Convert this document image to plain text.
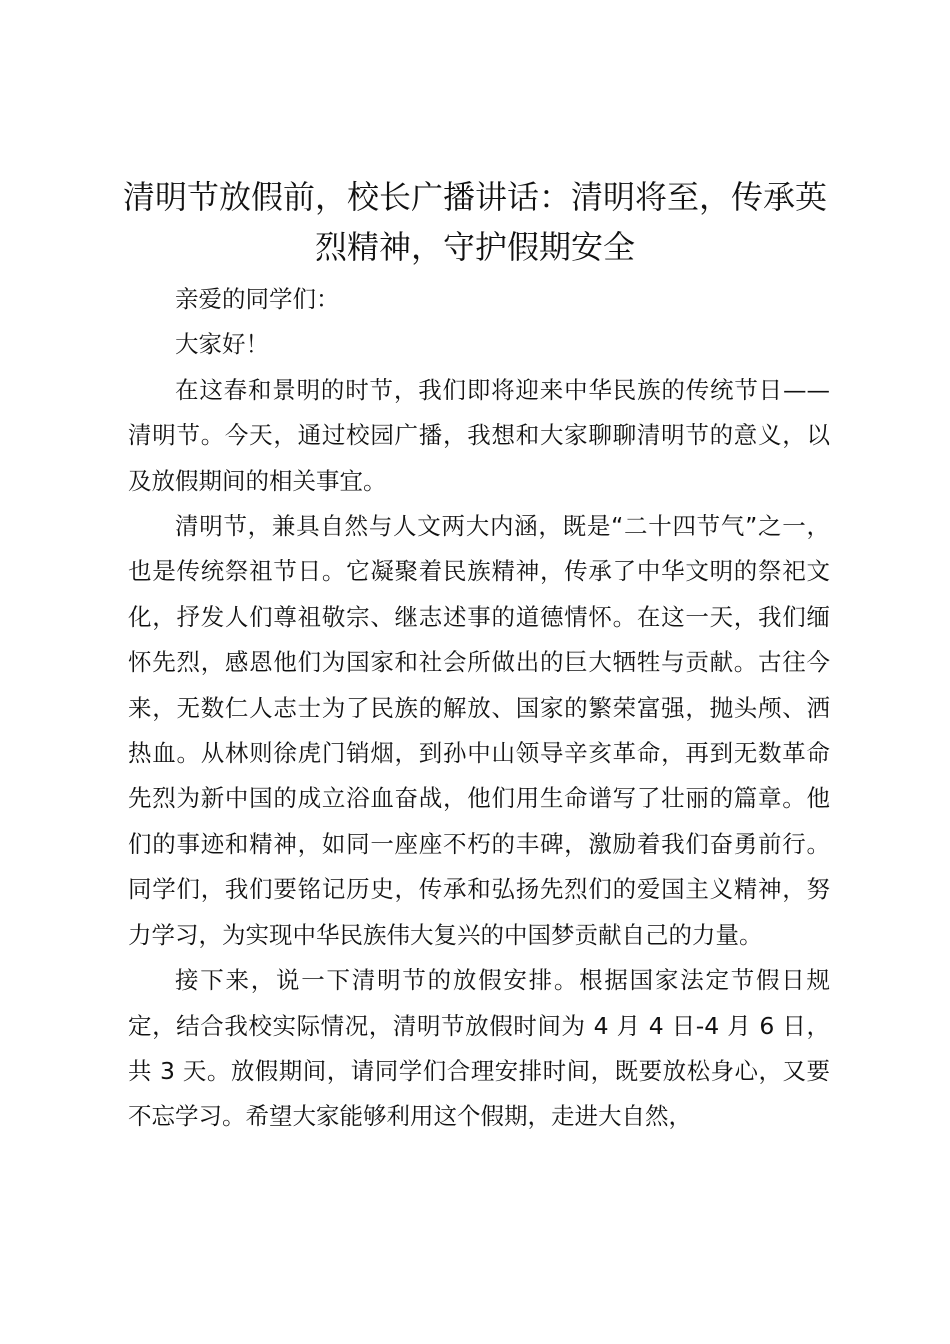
清明节放假前，校长广播讲话：清明将至，传承英烈精神，守护假期安全

亲爱的同学们：

大家好！

在这春和景明的时节，我们即将迎来中华民族的传统节日——清明节。今天，通过校园广播，我想和大家聊聊清明节的意义，以及放假期间的相关事宜。

清明节，兼具自然与人文两大内涵，既是“二十四节气”之一，也是传统祭祖节日。它凝聚着民族精神，传承了中华文明的祭祀文化，抒发人们尊祖敬宗、继志述事的道德情怀。在这一天，我们缅怀先烈，感恩他们为国家和社会所做出的巨大牺牲与贡献。古往今来，无数仁人志士为了民族的解放、国家的繁荣富强，抛头颅、洒热血。从林则徐虎门销烟，到孙中山领导辛亥革命，再到无数革命先烈为新中国的成立浴血奋战，他们用生命谱写了壮丽的篇章。他们的事迹和精神，如同一座座不朽的丰碑，激励着我们奋勇前行。同学们，我们要铭记历史，传承和弘扬先烈们的爱国主义精神，努力学习，为实现中华民族伟大复兴的中国梦贡献自己的力量。

接下来，说一下清明节的放假安排。根据国家法定节假日规定，结合我校实际情况，清明节放假时间为 4 月 4 日-4 月 6 日，共 3 天。放假期间，请同学们合理安排时间，既要放松身心，又要不忘学习。希望大家能够利用这个假期，走进大自然，
